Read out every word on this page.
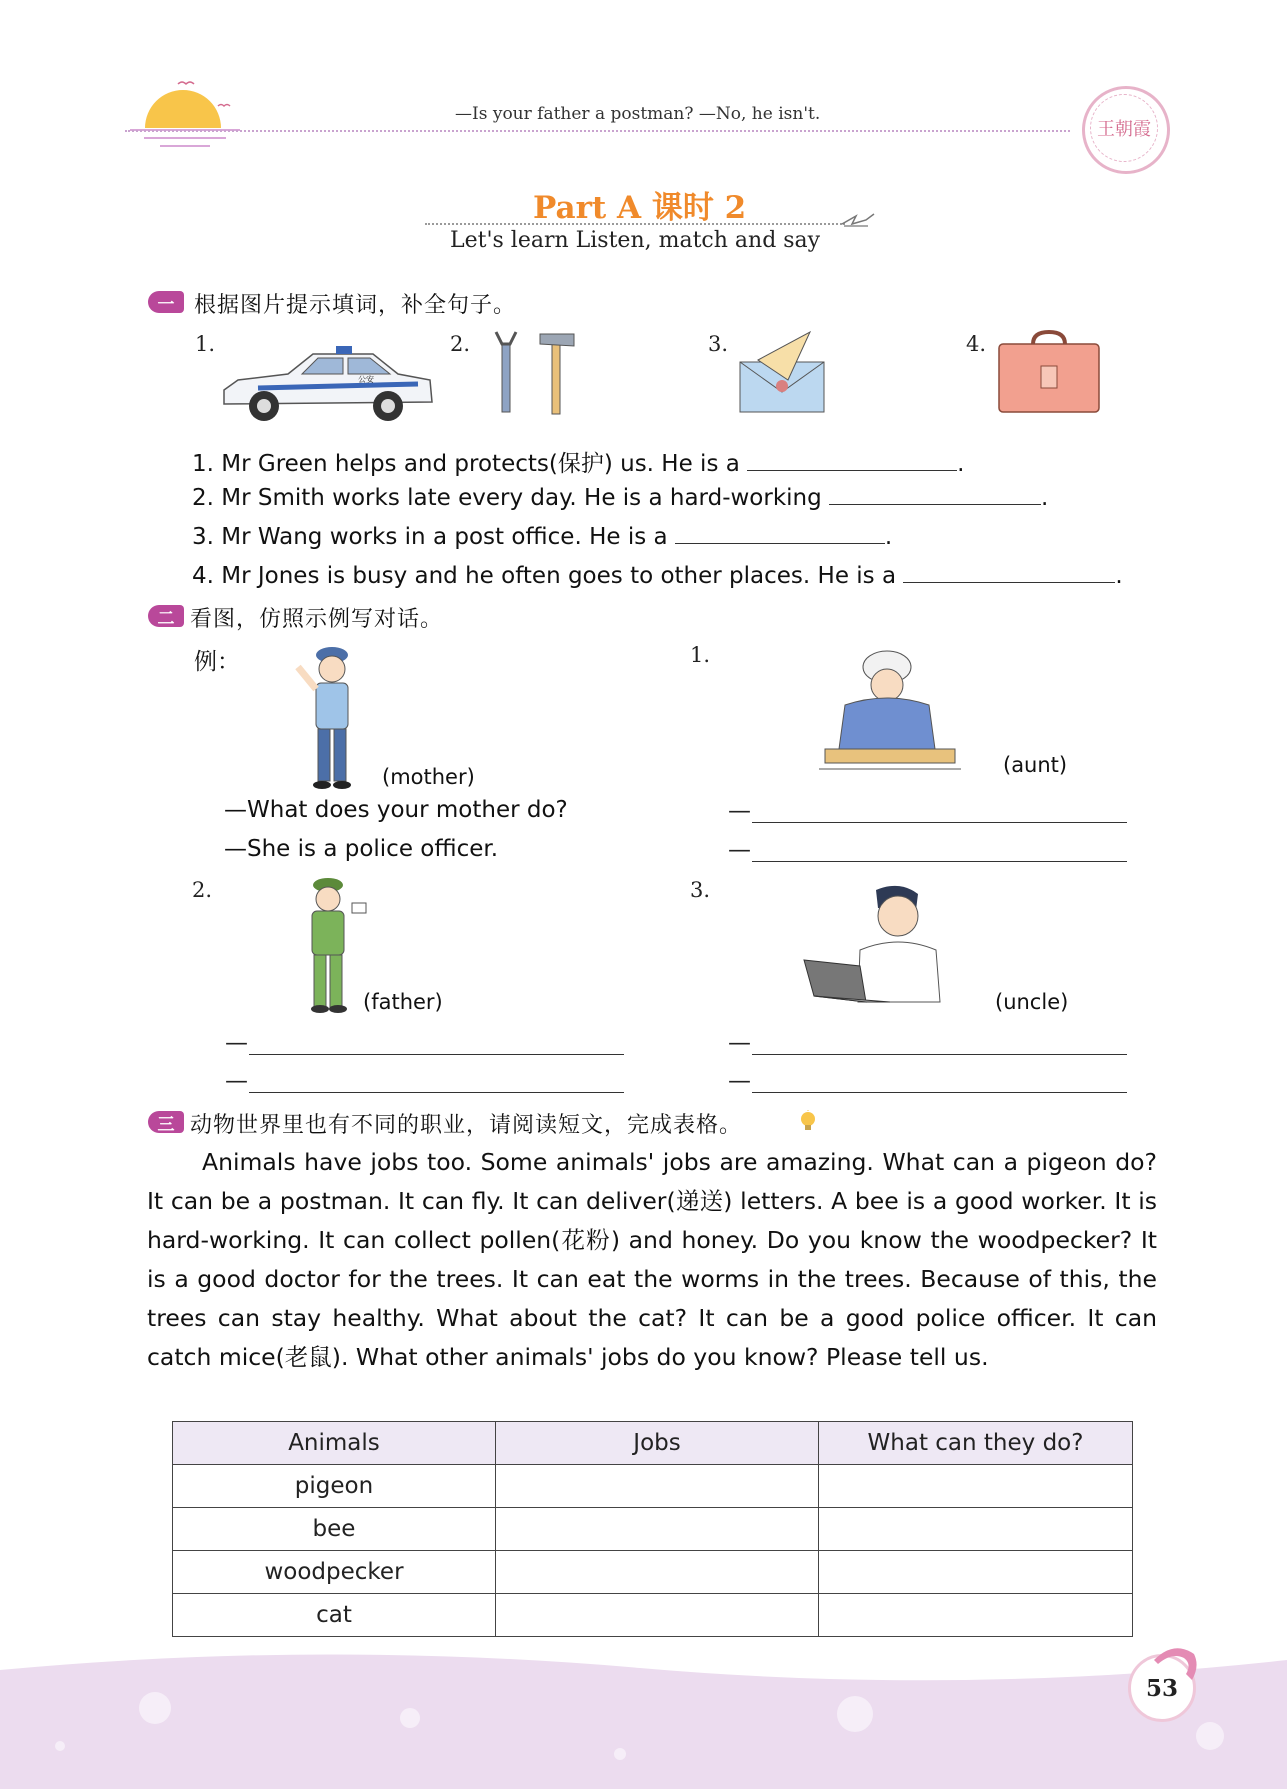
—Is your father a postman? —No, he isn't.
王朝霞
Part A 课时 2
Let's learn Listen, match and say
一 根据图片提示填词，补全句子。
1.	2.	3.	4.
公安
1. Mr Green helps and protects(保护) us. He is a	.
2. Mr Smith works late every day. He is a hard-working	.
3. Mr Wang works in a post office. He is a	.
4. Mr Jones is busy and he often goes to other places. He is a	.
二 看图，仿照示例写对话。
例：
(mother)
—What does your mother do?
—She is a police officer.
1.
(aunt)
—
—
2.
(father)
—
—
3.
(uncle)
—
—
三 动物世界里也有不同的职业，请阅读短文，完成表格。
Animals have jobs too. Some animals' jobs are amazing. What can a pigeon do? It can be a postman. It can fly. It can deliver(递送) letters. A bee is a good worker. It is hard-working. It can collect pollen(花粉) and honey. Do you know the woodpecker? It is a good doctor for the trees. It can eat the worms in the trees. Because of this, the trees can stay healthy. What about the cat? It can be a good police officer. It can catch mice(老鼠). What other animals' jobs do you know? Please tell us.
Animals	Jobs	What can they do?
pigeon		
bee		
woodpecker		
cat		
53
